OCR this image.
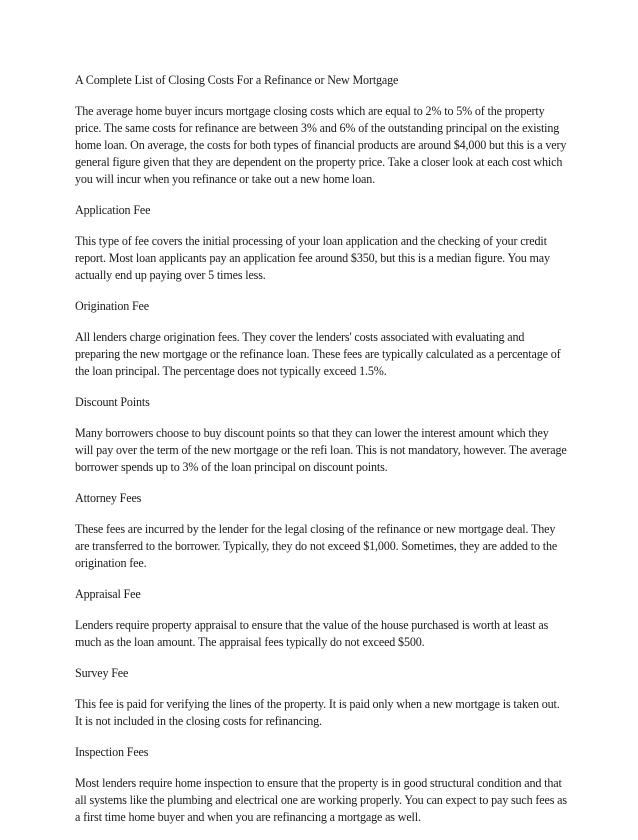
A Complete List of Closing Costs For a Refinance or New Mortgage

The average home buyer incurs mortgage closing costs which are equal to 2% to 5% of the property price. The same costs for refinance are between 3% and 6% of the outstanding principal on the existing home loan. On average, the costs for both types of financial products are around $4,000 but this is a very general figure given that they are dependent on the property price. Take a closer look at each cost which you will incur when you refinance or take out a new home loan.

Application Fee

This type of fee covers the initial processing of your loan application and the checking of your credit report. Most loan applicants pay an application fee around $350, but this is a median figure. You may actually end up paying over 5 times less.

Origination Fee

All lenders charge origination fees. They cover the lenders' costs associated with evaluating and preparing the new mortgage or the refinance loan. These fees are typically calculated as a percentage of the loan principal. The percentage does not typically exceed 1.5%.

Discount Points

Many borrowers choose to buy discount points so that they can lower the interest amount which they will pay over the term of the new mortgage or the refi loan. This is not mandatory, however. The average borrower spends up to 3% of the loan principal on discount points.

Attorney Fees

These fees are incurred by the lender for the legal closing of the refinance or new mortgage deal. They are transferred to the borrower. Typically, they do not exceed $1,000. Sometimes, they are added to the origination fee.

Appraisal Fee

Lenders require property appraisal to ensure that the value of the house purchased is worth at least as much as the loan amount. The appraisal fees typically do not exceed $500.

Survey Fee

This fee is paid for verifying the lines of the property. It is paid only when a new mortgage is taken out. It is not included in the closing costs for refinancing.

Inspection Fees

Most lenders require home inspection to ensure that the property is in good structural condition and that all systems like the plumbing and electrical one are working properly. You can expect to pay such fees as a first time home buyer and when you are refinancing a mortgage as well.
